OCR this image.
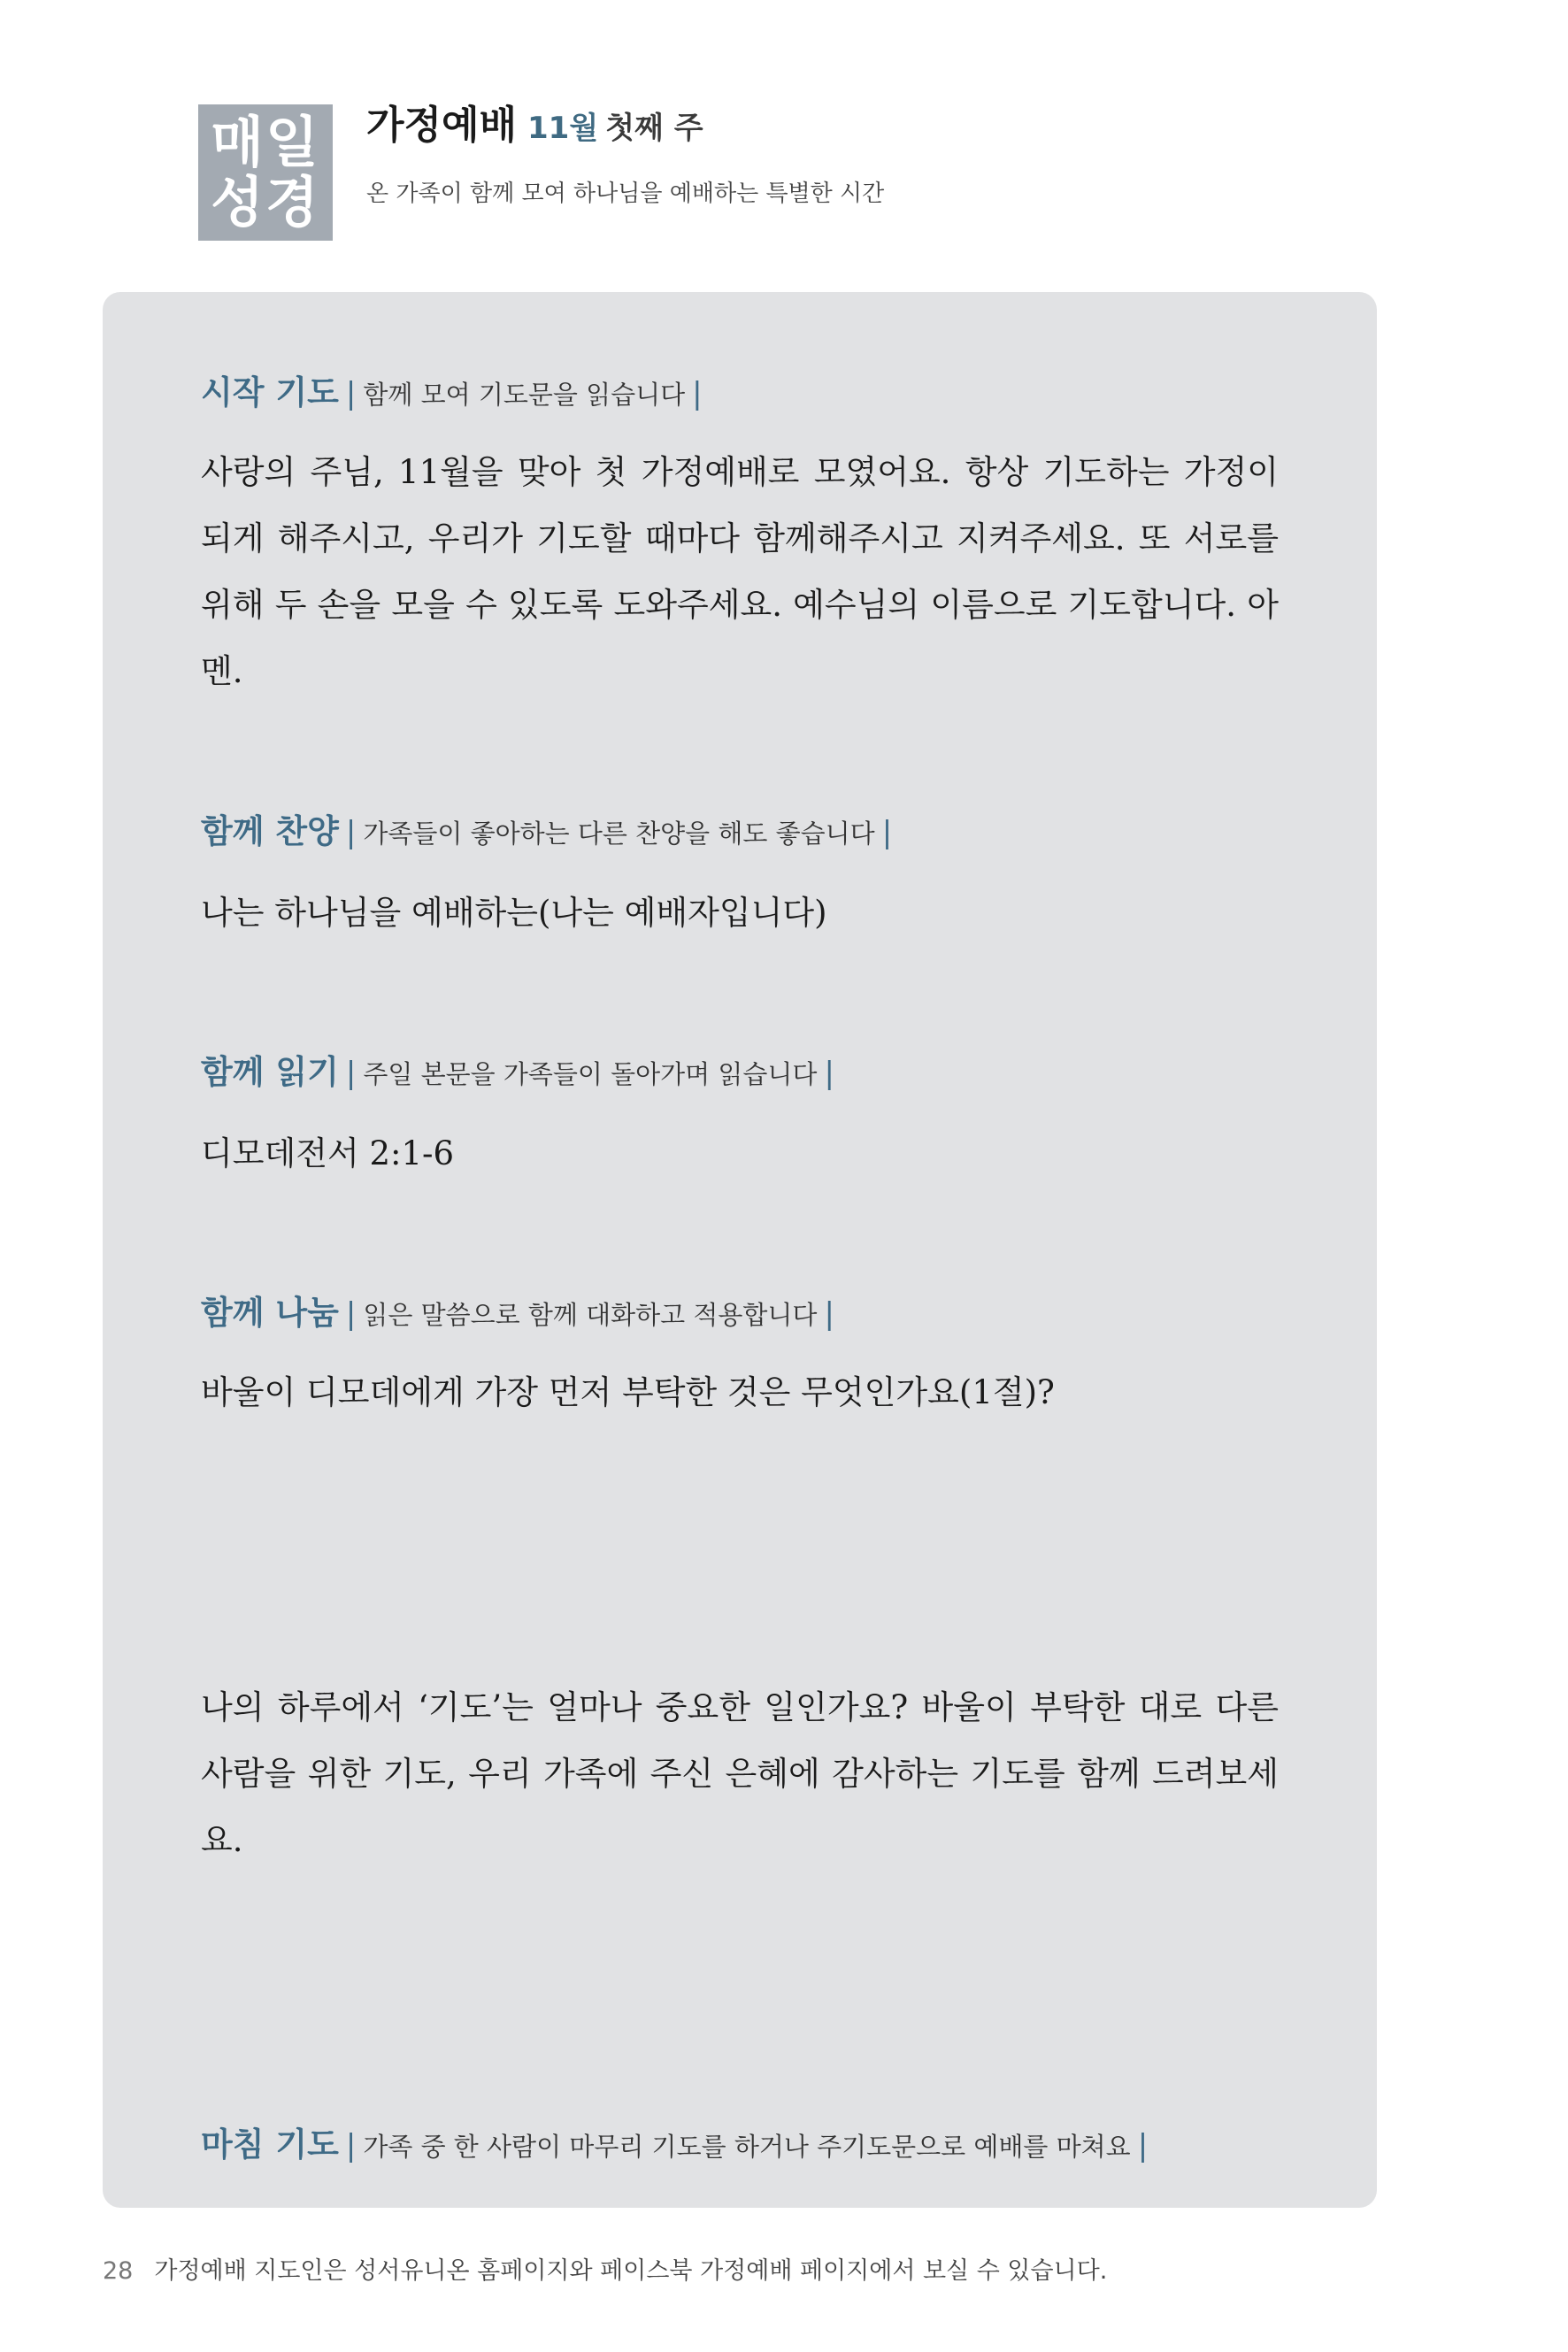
매일
성경
가정예배 11월 첫째 주
온 가족이 함께 모여 하나님을 예배하는 특별한 시간
시작 기도 | 함께 모여 기도문을 읽습니다 |
사랑의 주님, 11월을 맞아 첫 가정예배로 모였어요. 항상 기도하는 가정이 되게 해주시고, 우리가 기도할 때마다 함께해주시고 지켜주세요. 또 서로를 위해 두 손을 모을 수 있도록 도와주세요. 예수님의 이름으로 기도합니다. 아멘.
함께 찬양 | 가족들이 좋아하는 다른 찬양을 해도 좋습니다 |
나는 하나님을 예배하는(나는 예배자입니다)
함께 읽기 | 주일 본문을 가족들이 돌아가며 읽습니다 |
디모데전서 2:1-6
함께 나눔 | 읽은 말씀으로 함께 대화하고 적용합니다 |
바울이 디모데에게 가장 먼저 부탁한 것은 무엇인가요(1절)?
나의 하루에서 ‘기도’는 얼마나 중요한 일인가요? 바울이 부탁한 대로 다른 사람을 위한 기도, 우리 가족에 주신 은혜에 감사하는 기도를 함께 드려보세요.
마침 기도 | 가족 중 한 사람이 마무리 기도를 하거나 주기도문으로 예배를 마쳐요 |
28 가정예배 지도인은 성서유니온 홈페이지와 페이스북 가정예배 페이지에서 보실 수 있습니다.
